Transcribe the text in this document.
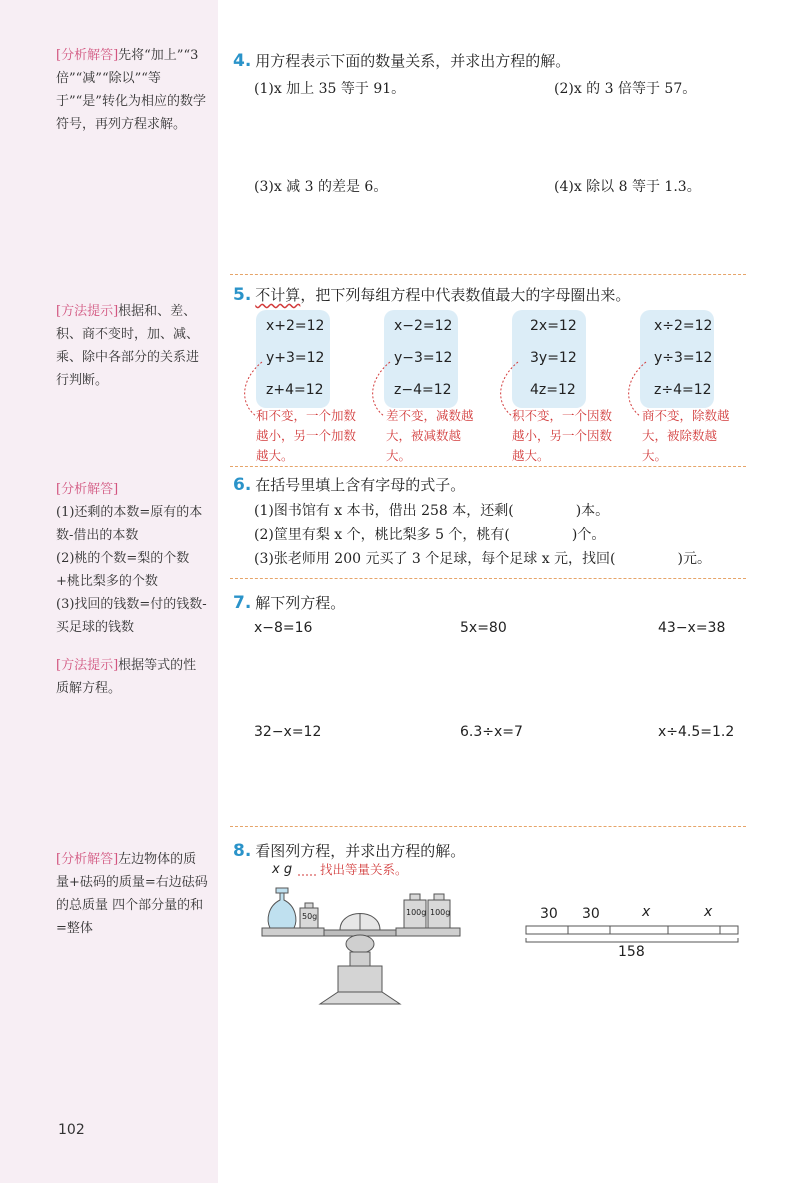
[分析解答]先将“加上”“3倍”“减”“除以”“等于”“是”转化为相应的数学符号，再列方程求解。
[方法提示]根据和、差、积、商不变时，加、减、乘、除中各部分的关系进行判断。
[分析解答]
(1)还剩的本数=原有的本数-借出的本数
(2)桃的个数=梨的个数+桃比梨多的个数
(3)找回的钱数=付的钱数-买足球的钱数
[方法提示]根据等式的性质解方程。
[分析解答]左边物体的质量+砝码的质量=右边砝码的总质量 四个部分量的和=整体
102
4. 用方程表示下面的数量关系，并求出方程的解。
(1)x 加上 35 等于 91。	(2)x 的 3 倍等于 57。
(3)x 减 3 的差是 6。	(4)x 除以 8 等于 1.3。
5. 不计算，把下列每组方程中代表数值最大的字母圈出来。
x+2=12
y+3=12
z+4=12
x−2=12
y−3=12
z−4=12
2x=12
3y=12
4z=12
x÷2=12
y÷3=12
z÷4=12
和不变，一个加数越小，另一个加数越大。
差不变，减数越大，被减数越大。
积不变，一个因数越小，另一个因数越大。
商不变，除数越大，被除数越大。
6. 在括号里填上含有字母的式子。
(1)图书馆有 x 本书，借出 258 本，还剩(	)本。
(2)筐里有梨 x 个，桃比梨多 5 个，桃有(	)个。
(3)张老师用 200 元买了 3 个足球，每个足球 x 元，找回(	)元。
7. 解下列方程。
x−8=16	5x=80	43−x=38
32−x=12	6.3÷x=7	x÷4.5=1.2
8. 看图列方程，并求出方程的解。
x g 找出等量关系。
50g	100g 100g	30 30	x	x
158
